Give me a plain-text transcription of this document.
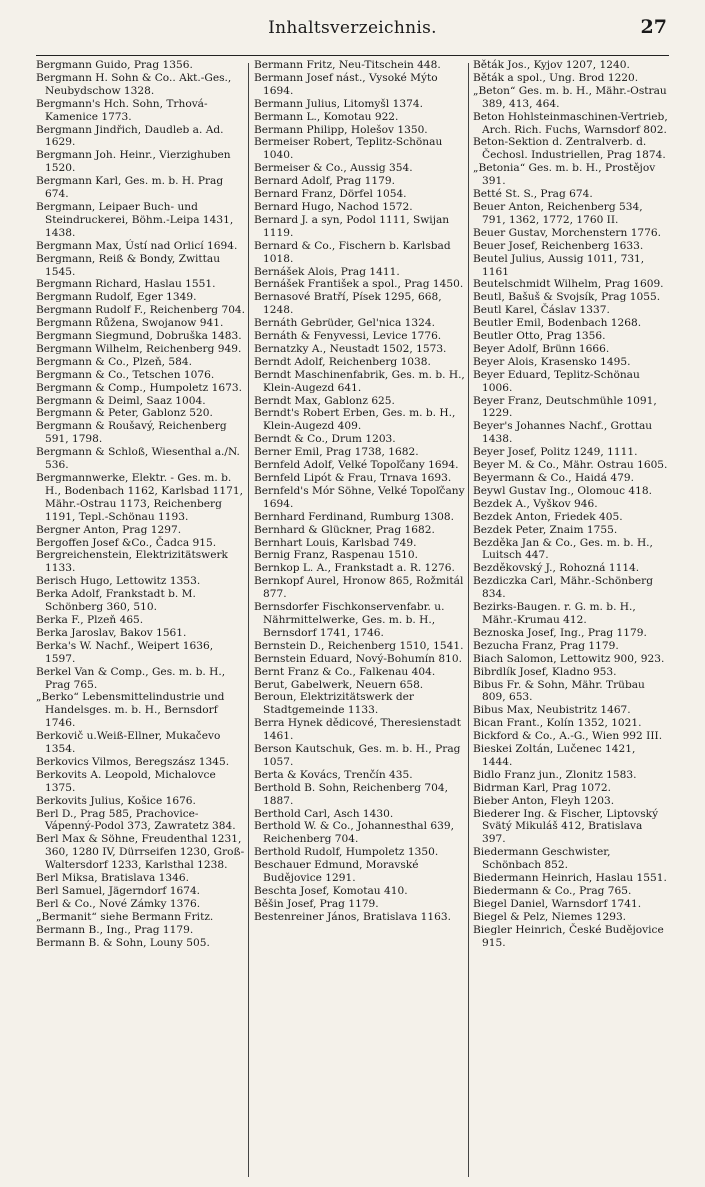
Inhaltsverzeichnis.	27
Bergmann Guido, Prag 1356.
Bergmann H. Sohn & Co.. Akt.-Ges., Neubydschow 1328.
Bergmann's Hch. Sohn, Trhová-Kamenice 1773.
Bergmann Jindřich, Daudleb a. Ad. 1629.
Bergmann Joh. Heinr., Vierzighuben 1520.
Bergmann Karl, Ges. m. b. H. Prag 674.
Bergmann, Leipaer Buch- und Steindruckerei, Böhm.-Leipa 1431, 1438.
Bergmann Max, Ústí nad Orlicí 1694.
Bergmann, Reiß & Bondy, Zwittau 1545.
Bergmann Richard, Haslau 1551.
Bergmann Rudolf, Eger 1349.
Bergmann Rudolf F., Reichenberg 704.
Bergmann Růžena, Swojanow 941.
Bergmann Siegmund, Dobruška 1483.
Bergmann Wilhelm, Reichenberg 949.
Bergmann & Co., Plzeň, 584.
Bergmann & Co., Tetschen 1076.
Bergmann & Comp., Humpoletz 1673.
Bergmann & Deiml, Saaz 1004.
Bergmann & Peter, Gablonz 520.
Bergmann & Roušavý, Reichenberg 591, 1798.
Bergmann & Schloß, Wiesenthal a./N. 536.
Bergmannwerke, Elektr. - Ges. m. b. H., Bodenbach 1162, Karlsbad 1171, Mähr.-Ostrau 1173, Reichenberg 1191, Tepl.-Schönau 1193.
Bergner Anton, Prag 1297.
Bergoffen Josef &Co., Čadca 915.
Bergreichenstein, Elektrizitätswerk 1133.
Berisch Hugo, Lettowitz 1353.
Berka Adolf, Frankstadt b. M. Schönberg 360, 510.
Berka F., Plzeň 465.
Berka Jaroslav, Bakov 1561.
Berka's W. Nachf., Weipert 1636, 1597.
Berkel Van & Comp., Ges. m. b. H., Prag 765.
„Berko“ Lebensmittelindustrie und Handelsges. m. b. H., Bernsdorf 1746.
Berkovič u.Weiß-Ellner, Mukačevo 1354.
Berkovics Vilmos, Beregszász 1345.
Berkovits A. Leopold, Michalovce 1375.
Berkovits Julius, Košice 1676.
Berl D., Prag 585, Prachovice-Vápenný-Podol 373, Zawratetz 384.
Berl Max & Söhne, Freudenthal 1231, 360, 1280 IV, Dürrseifen 1230, Groß-Waltersdorf 1233, Karlsthal 1238.
Berl Miksa, Bratislava 1346.
Berl Samuel, Jägerndorf 1674.
Berl & Co., Nové Zámky 1376.
„Bermanit“ siehe Bermann Fritz.
Bermann B., Ing., Prag 1179.
Bermann B. & Sohn, Louny 505.
Bermann Fritz, Neu-Titschein 448.
Bermann Josef nást., Vysoké Mýto 1694.
Bermann Julius, Litomyšl 1374.
Bermann L., Komotau 922.
Bermann Philipp, Holešov 1350.
Bermeiser Robert, Teplitz-Schönau 1040.
Bermeiser & Co., Aussig 354.
Bernard Adolf, Prag 1179.
Bernard Franz, Dörfel 1054.
Bernard Hugo, Nachod 1572.
Bernard J. a syn, Podol 1111, Swijan 1119.
Bernard & Co., Fischern b. Karlsbad 1018.
Bernášek Alois, Prag 1411.
Bernášek František a spol., Prag 1450.
Bernasové Bratří, Písek 1295, 668, 1248.
Bernáth Gebrüder, Gel'nica 1324.
Bernáth & Fenyvessi, Levice 1776.
Bernatzky A., Neustadt 1502, 1573.
Berndt Adolf, Reichenberg 1038.
Berndt Maschinenfabrik, Ges. m. b. H., Klein-Augezd 641.
Berndt Max, Gablonz 625.
Berndt's Robert Erben, Ges. m. b. H., Klein-Augezd 409.
Berndt & Co., Drum 1203.
Berner Emil, Prag 1738, 1682.
Bernfeld Adolf, Velké Topoľčany 1694.
Bernfeld Lipót & Frau, Trnava 1693.
Bernfeld's Mór Söhne, Velké Topoľčany 1694.
Bernhard Ferdinand, Rumburg 1308.
Bernhard & Glückner, Prag 1682.
Bernhart Louis, Karlsbad 749.
Bernig Franz, Raspenau 1510.
Bernkop L. A., Frankstadt a. R. 1276.
Bernkopf Aurel, Hronow 865, Rožmitál 877.
Bernsdorfer Fischkonservenfabr. u. Nährmittelwerke, Ges. m. b. H., Bernsdorf 1741, 1746.
Bernstein D., Reichenberg 1510, 1541.
Bernstein Eduard, Nový-Bohumín 810.
Bernt Franz & Co., Falkenau 404.
Berut, Gabelwerk, Neuern 658.
Beroun, Elektrizitätswerk der Stadtgemeinde 1133.
Berra Hynek dědicové, Theresienstadt 1461.
Berson Kautschuk, Ges. m. b. H., Prag 1057.
Berta & Kovács, Trenčín 435.
Berthold B. Sohn, Reichenberg 704, 1887.
Berthold Carl, Asch 1430.
Berthold W. & Co., Johannesthal 639, Reichenberg 704.
Berthold Rudolf, Humpoletz 1350.
Beschauer Edmund, Moravské Budějovice 1291.
Beschta Josef, Komotau 410.
Běšin Josef, Prag 1179.
Bestenreiner János, Bratislava 1163.
Běták Jos., Kyjov 1207, 1240.
Běták a spol., Ung. Brod 1220.
„Beton“ Ges. m. b. H., Mähr.-Ostrau 389, 413, 464.
Beton Hohlsteinmaschinen-Vertrieb, Arch. Rich. Fuchs, Warnsdorf 802.
Beton-Sektion d. Zentralverb. d. Čechosl. Industriellen, Prag 1874.
„Betonia“ Ges. m. b. H., Prostějov 391.
Betté St. S., Prag 674.
Beuer Anton, Reichenberg 534, 791, 1362, 1772, 1760 II.
Beuer Gustav, Morchenstern 1776.
Beuer Josef, Reichenberg 1633.
Beutel Julius, Aussig 1011, 731, 1161
Beutelschmidt Wilhelm, Prag 1609.
Beutl, Bašuš & Svojsík, Prag 1055.
Beutl Karel, Čáslav 1337.
Beutler Emil, Bodenbach 1268.
Beutler Otto, Prag 1356.
Beyer Adolf, Brünn 1666.
Beyer Alois, Krasensko 1495.
Beyer Eduard, Teplitz-Schönau 1006.
Beyer Franz, Deutschmühle 1091, 1229.
Beyer's Johannes Nachf., Grottau 1438.
Beyer Josef, Politz 1249, 1111.
Beyer M. & Co., Mähr. Ostrau 1605.
Beyermann & Co., Haidá 479.
Beywl Gustav Ing., Olomouc 418.
Bezdek A., Vyškov 946.
Bezdek Anton, Friedek 405.
Bezdek Peter, Znaim 1755.
Bezděka Jan & Co., Ges. m. b. H., Luitsch 447.
Bezděkovský J., Rohozná 1114.
Bezdiczka Carl, Mähr.-Schönberg 834.
Bezirks-Baugen. r. G. m. b. H., Mähr.-Krumau 412.
Beznoska Josef, Ing., Prag 1179.
Bezucha Franz, Prag 1179.
Biach Salomon, Lettowitz 900, 923.
Bibrdlík Josef, Kladno 953.
Bibus Fr. & Sohn, Mähr. Trübau 809, 653.
Bibus Max, Neubistritz 1467.
Bican Frant., Kolín 1352, 1021.
Bickford & Co., A.-G., Wien 992 III.
Bieskei Zoltán, Lučenec 1421, 1444.
Bidlo Franz jun., Zlonitz 1583.
Bidrman Karl, Prag 1072.
Bieber Anton, Fleyh 1203.
Biederer Ing. & Fischer, Liptovský Svätý Mikuláš 412, Bratislava 397.
Biedermann Geschwister, Schönbach 852.
Biedermann Heinrich, Haslau 1551.
Biedermann & Co., Prag 765.
Biegel Daniel, Warnsdorf 1741.
Biegel & Pelz, Niemes 1293.
Biegler Heinrich, České Budějovice 915.
